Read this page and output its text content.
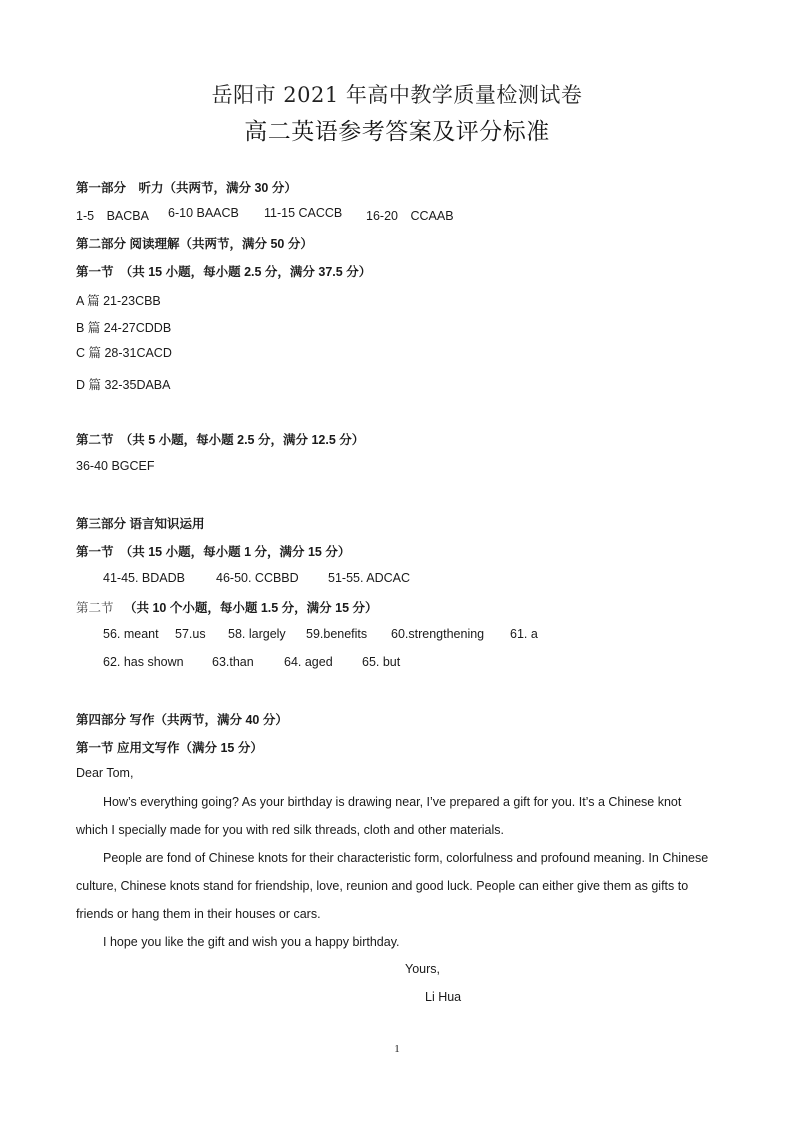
岳阳市 2021 年高中教学质量检测试卷
高二英语参考答案及评分标准
第一部分　听力（共两节，满分 30 分）
1-5　BACBA 6-10 BAACB 11-15 CACCB 16-20　CCAAB
第二部分 阅读理解（共两节，满分 50 分）
第一节　（共 15 小题，每小题 2.5 分，满分 37.5 分）
A 篇 21-23CBB
B 篇 24-27CDDB
C 篇 28-31CACD
D 篇 32-35DABA
第二节　（共 5 小题，每小题 2.5 分，满分 12.5 分）
36-40 BGCEF
第三部分 语言知识运用
第一节　（共 15 小题，每小题 1 分，满分 15 分）
41-45. BDADB 46-50. CCBBD 51-55. ADCAC
第二节 （共 10 个小题，每小题 1.5 分，满分 15 分）
56. meant 57.us 58. largely 59.benefits 60.strengthening 61. a
62. has shown 63.than 64. aged 65. but
第四部分 写作（共两节，满分 40 分）
第一节 应用文写作（满分 15 分）
Dear Tom,
How’s everything going? As your birthday is drawing near, I’ve prepared a gift for you. It’s a Chinese knot which I specially made for you with red silk threads, cloth and other materials.
People are fond of Chinese knots for their characteristic form, colorfulness and profound meaning. In Chinese culture, Chinese knots stand for friendship, love, reunion and good luck. People can either give them as gifts to friends or hang them in their houses or cars.
I hope you like the gift and wish you a happy birthday.
Yours,
Li Hua
1
